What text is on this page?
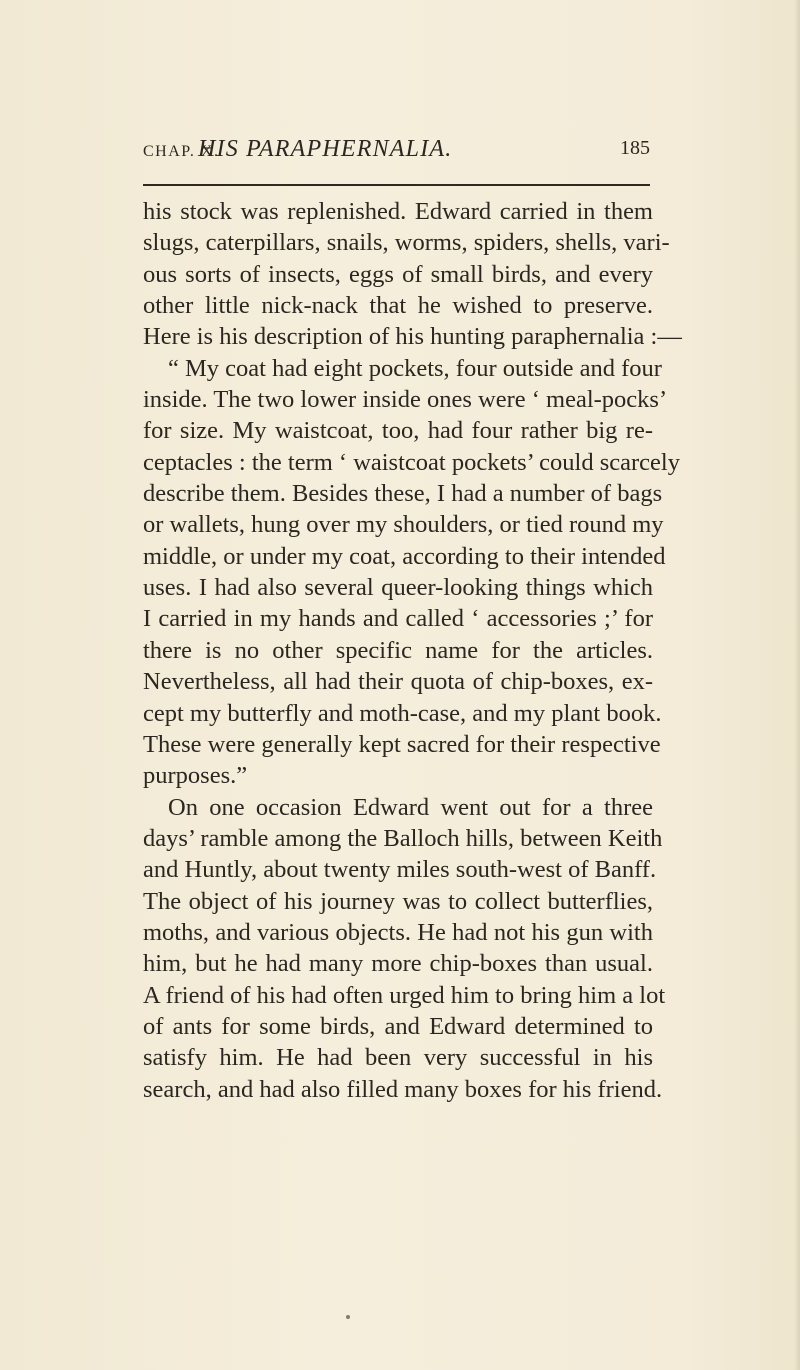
CHAP. X.
HIS PARAPHERNALIA.	185
his stock was replenished. Edward carried in them
slugs, caterpillars, snails, worms, spiders, shells, vari-
ous sorts of insects, eggs of small birds, and every
other little nick-nack that he wished to preserve.
Here is his description of his hunting paraphernalia :—
“ My coat had eight pockets, four outside and four
inside. The two lower inside ones were ‘ meal-pocks’
for size. My waistcoat, too, had four rather big re-
ceptacles : the term ‘ waistcoat pockets’ could scarcely
describe them. Besides these, I had a number of bags
or wallets, hung over my shoulders, or tied round my
middle, or under my coat, according to their intended
uses. I had also several queer-looking things which
I carried in my hands and called ‘ accessories ;’ for
there is no other specific name for the articles.
Nevertheless, all had their quota of chip-boxes, ex-
cept my butterfly and moth-case, and my plant book.
These were generally kept sacred for their respective
purposes.”
On one occasion Edward went out for a three
days’ ramble among the Balloch hills, between Keith
and Huntly, about twenty miles south-west of Banff.
The object of his journey was to collect butterflies,
moths, and various objects. He had not his gun with
him, but he had many more chip-boxes than usual.
A friend of his had often urged him to bring him a lot
of ants for some birds, and Edward determined to
satisfy him. He had been very successful in his
search, and had also filled many boxes for his friend.
